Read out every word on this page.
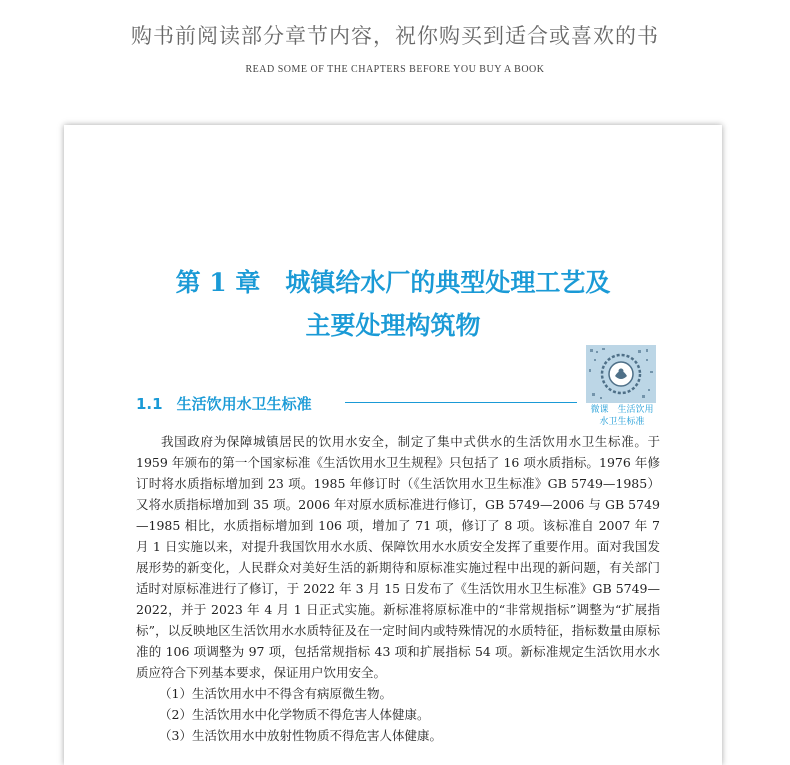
购书前阅读部分章节内容，祝你购买到适合或喜欢的书
READ SOME OF THE CHAPTERS BEFORE YOU BUY A BOOK
第 1 章　城镇给水厂的典型处理工艺及
主要处理构筑物
微课　生活饮用
水卫生标准
1.1 生活饮用水卫生标准

我国政府为保障城镇居民的饮用水安全，制定了集中式供水的生活饮用水卫生标准。于 1959 年颁布的第一个国家标准《生活饮用水卫生规程》只包括了 16 项水质指标。1976 年修订时将水质指标增加到 23 项。1985 年修订时（《生活饮用水卫生标准》GB 5749—1985）又将水质指标增加到 35 项。2006 年对原水质标准进行修订，GB 5749—2006 与 GB 5749—1985 相比，水质指标增加到 106 项，增加了 71 项，修订了 8 项。该标准自 2007 年 7 月 1 日实施以来，对提升我国饮用水水质、保障饮用水水质安全发挥了重要作用。面对我国发展形势的新变化，人民群众对美好生活的新期待和原标准实施过程中出现的新问题，有关部门适时对原标准进行了修订，于 2022 年 3 月 15 日发布了《生活饮用水卫生标准》GB 5749—2022，并于 2023 年 4 月 1 日正式实施。新标准将原标准中的“非常规指标”调整为“扩展指标”，以反映地区生活饮用水水质特征及在一定时间内或特殊情况的水质特征，指标数量由原标准的 106 项调整为 97 项，包括常规指标 43 项和扩展指标 54 项。新标准规定生活饮用水水质应符合下列基本要求，保证用户饮用安全。

（1）生活饮用水中不得含有病原微生物。

（2）生活饮用水中化学物质不得危害人体健康。

（3）生活饮用水中放射性物质不得危害人体健康。
